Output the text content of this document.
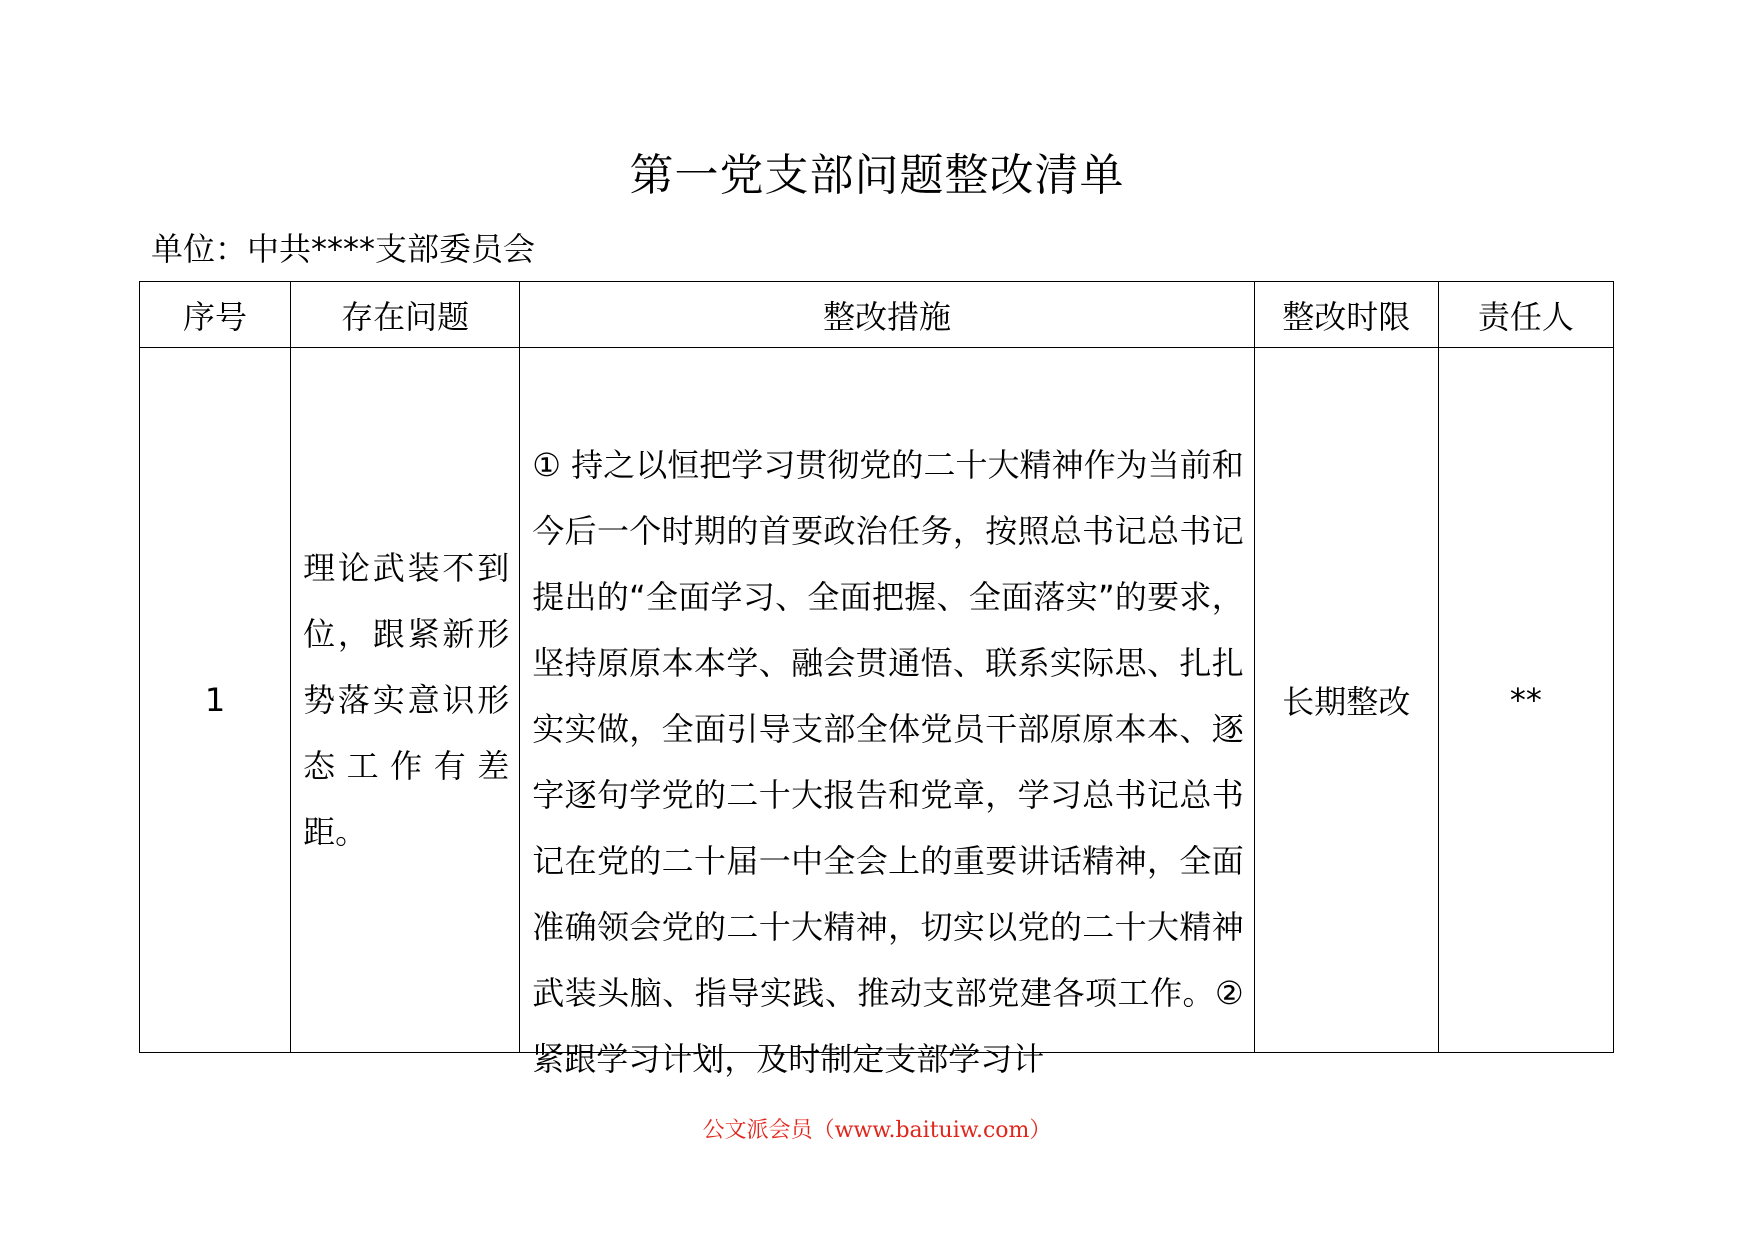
第一党支部问题整改清单
单位：中共****支部委员会
序号	存在问题	整改措施	整改时限	责任人
1	理论武装不到位，跟紧新形势落实意识形态工作有差距。	① 持之以恒把学习贯彻党的二十大精神作为当前和今后一个时期的首要政治任务，按照总书记总书记提出的“全面学习、全面把握、全面落实”的要求，坚持原原本本学、融会贯通悟、联系实际思、扎扎实实做，全面引导支部全体党员干部原原本本、逐字逐句学党的二十大报告和党章，学习总书记总书记在党的二十届一中全会上的重要讲话精神，全面准确领会党的二十大精神，切实以党的二十大精神武装头脑、指导实践、推动支部党建各项工作。②紧跟学习计划，及时制定支部学习计	长期整改	**
公文派会员（www.baituiw.com）
